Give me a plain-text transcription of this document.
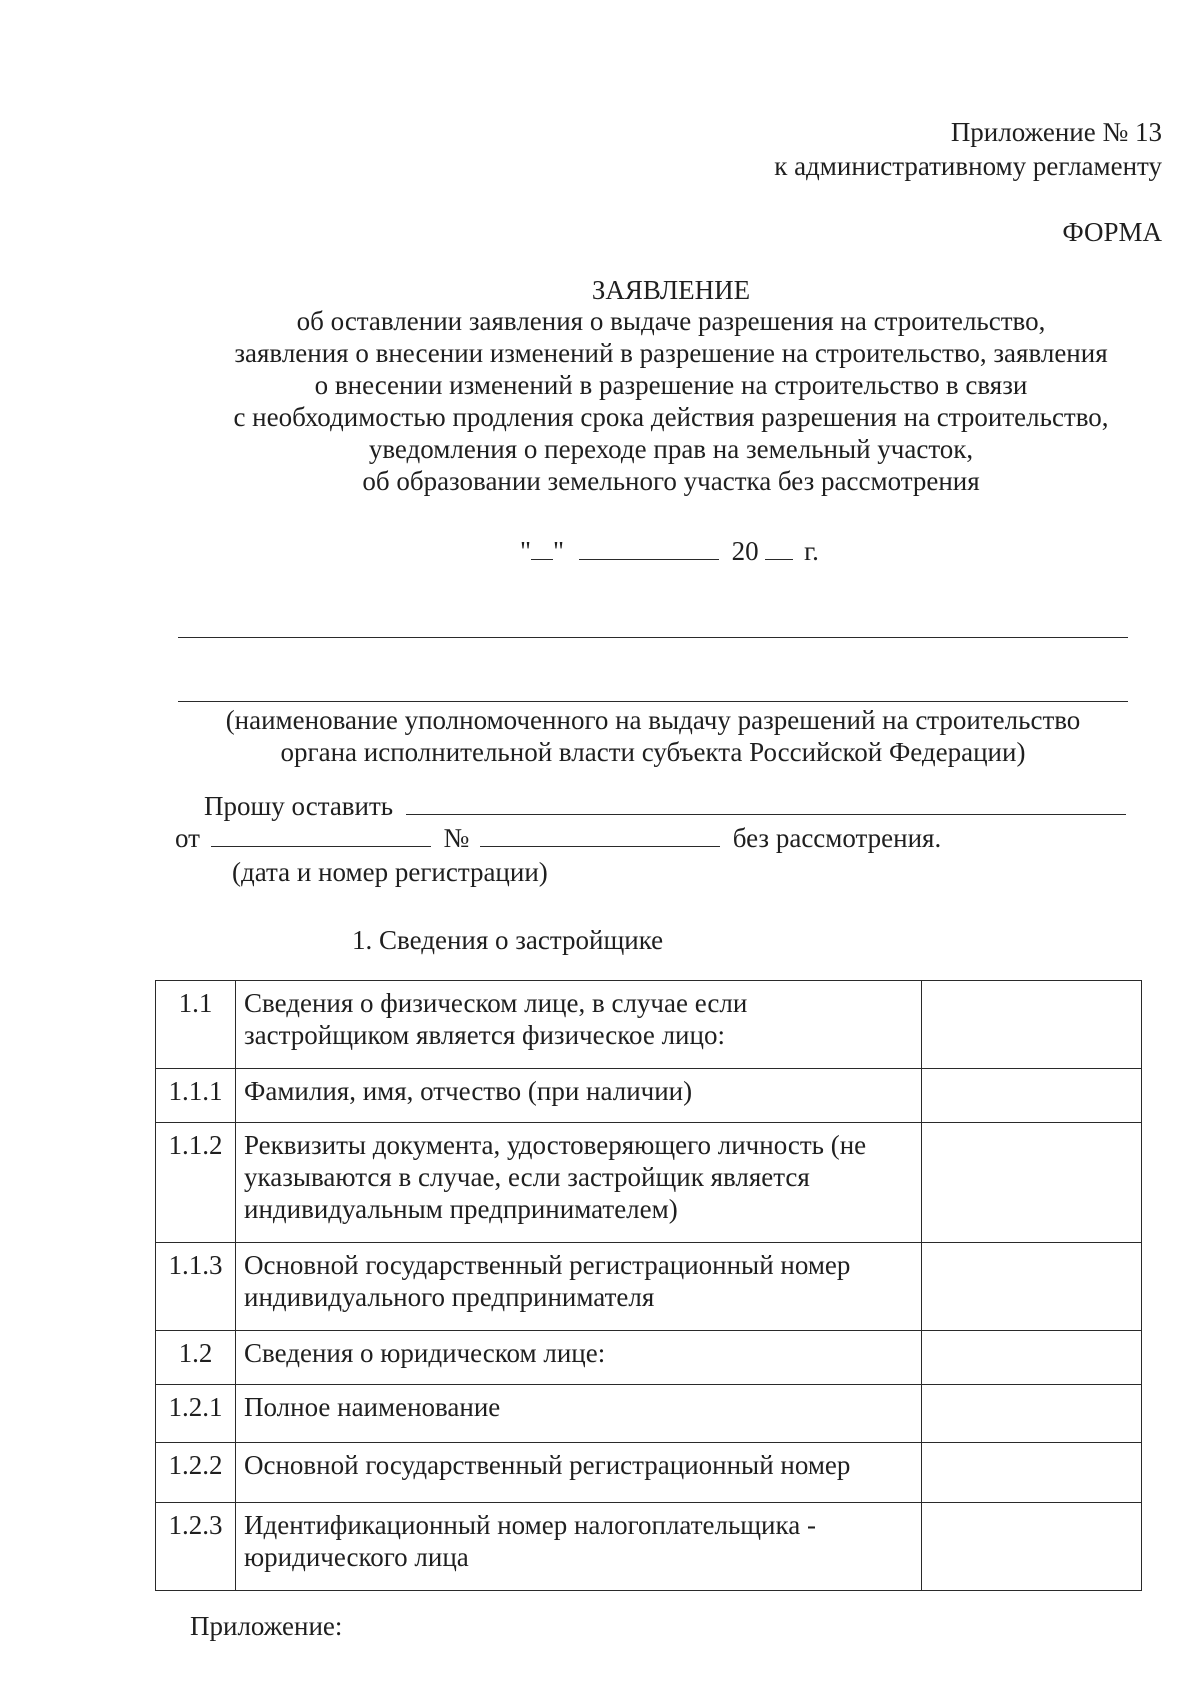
Приложение № 13
к административному регламенту
ФОРМА
ЗАЯВЛЕНИЕ
об оставлении заявления о выдаче разрешения на строительство,
заявления о внесении изменений в разрешение на строительство, заявления
о внесении изменений в разрешение на строительство в связи
с необходимостью продления срока действия разрешения на строительство,
уведомления о переходе прав на земельный участок,
об образовании земельного участка без рассмотрения
" "	20 г.
(наименование уполномоченного на выдачу разрешений на строительство
органа исполнительной власти субъекта Российской Федерации)
Прошу оставить
от	№	без рассмотрения.
(дата и номер регистрации)
1. Сведения о застройщике
1.1	Сведения о физическом лице, в случае если застройщиком является физическое лицо:	
1.1.1	Фамилия, имя, отчество (при наличии)	
1.1.2	Реквизиты документа, удостоверяющего личность (не указываются в случае, если застройщик является индивидуальным предпринимателем)	
1.1.3	Основной государственный регистрационный номер индивидуального предпринимателя	
1.2	Сведения о юридическом лице:	
1.2.1	Полное наименование	
1.2.2	Основной государственный регистрационный номер	
1.2.3	Идентификационный номер налогоплательщика - юридического лица	
Приложение:
